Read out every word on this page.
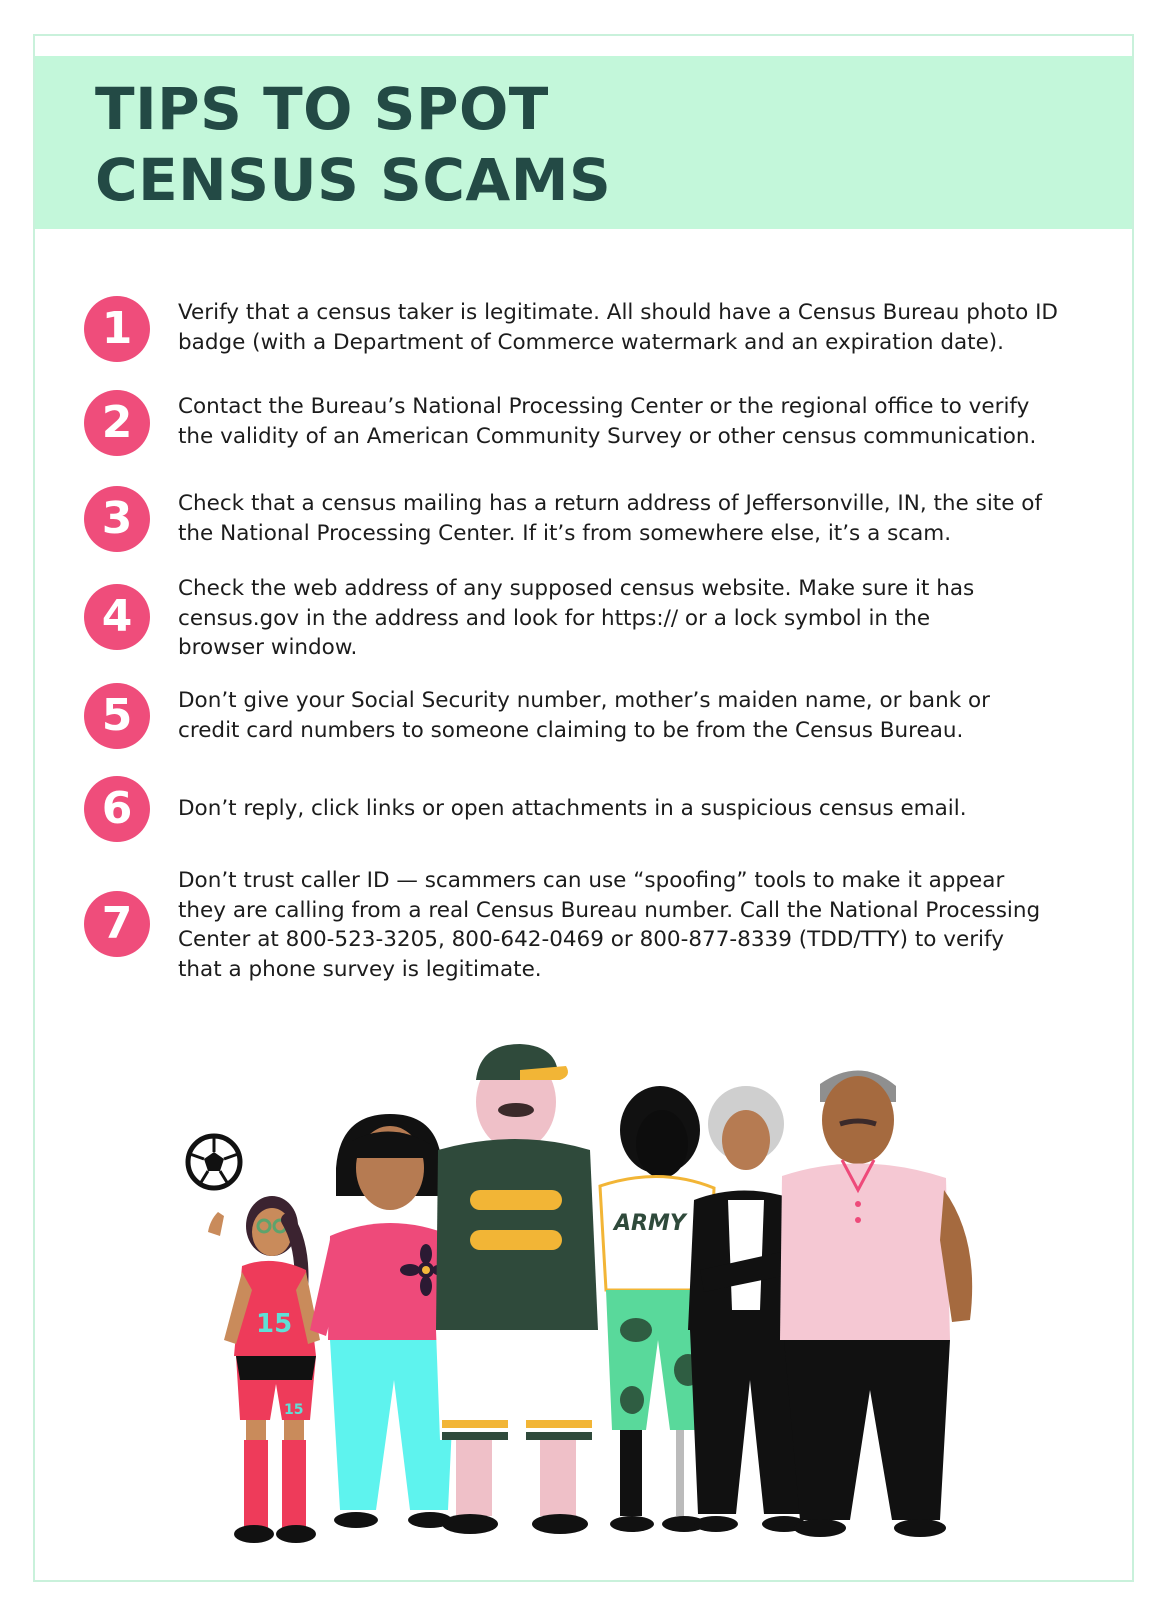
TIPS TO SPOT
CENSUS SCAMS
1	Verify that a census taker is legitimate. All should have a Census Bureau photo ID
badge (with a Department of Commerce watermark and an expiration date).

2	Contact the Bureau’s National Processing Center or the regional office to verify
the validity of an American Community Survey or other census communication.

3	Check that a census mailing has a return address of Jeffersonville, IN, the site of
the National Processing Center. If it’s from somewhere else, it’s a scam.

4

Check the web address of any supposed census website. Make sure it has
census.gov in the address and look for https:// or a lock symbol in the
browser window.

5	Don’t give your Social Security number, mother’s maiden name, or bank or
credit card numbers to someone claiming to be from the Census Bureau.

6	Don’t reply, click links or open attachments in a suspicious census email.

7

Don’t trust caller ID — scammers can use “spoofing” tools to make it appear
they are calling from a real Census Bureau number. Call the National Processing
Center at 800-523-3205, 800-642-0469 or 800-877-8339 (TDD/TTY) to verify
that a phone survey is legitimate.

15
15
ARMY
